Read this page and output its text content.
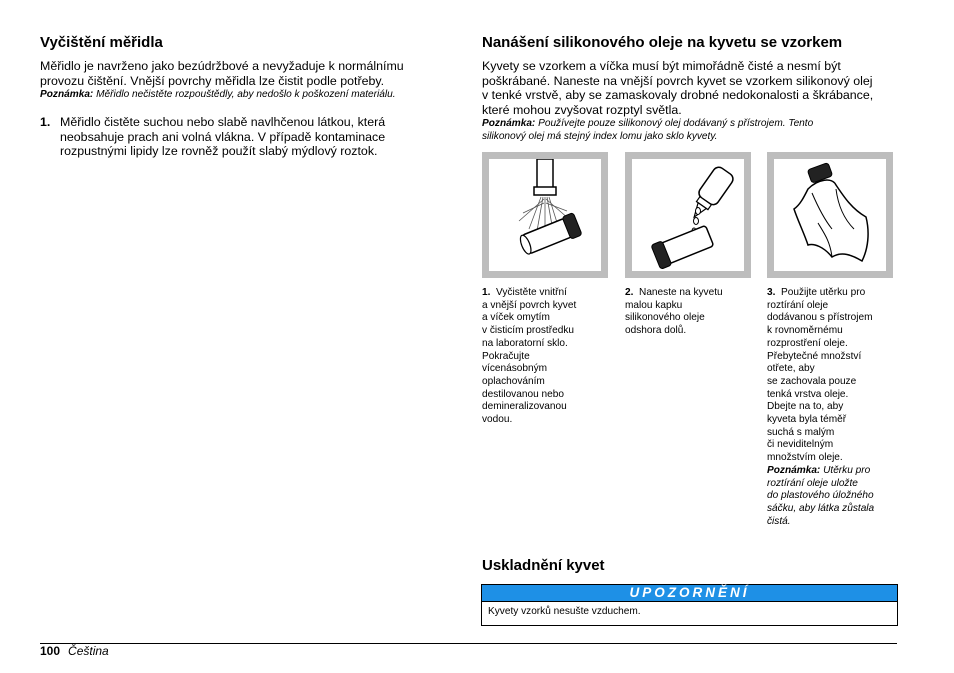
Vyčištění měřidla
Měřidlo je navrženo jako bezúdržbové a nevyžaduje k normálnímu
provozu čištění. Vnější povrchy měřidla lze čistit podle potřeby.
Poznámka: Měřidlo nečistěte rozpouštědly, aby nedošlo k poškození materiálu.
1. Měřidlo čistěte suchou nebo slabě navlhčenou látkou, která
neobsahuje prach ani volná vlákna. V případě kontaminace
rozpustnými lipidy lze rovněž použít slabý mýdlový roztok.
Nanášení silikonového oleje na kyvetu se vzorkem
Kyvety se vzorkem a víčka musí být mimořádně čisté a nesmí být
poškrábané. Naneste na vnější povrch kyvet se vzorkem silikonový olej
v tenké vrstvě, aby se zamaskovaly drobné nedokonalosti a škrábance,
které mohou zvyšovat rozptyl světla.
Poznámka: Používejte pouze silikonový olej dodávaný s přístrojem. Tento
silikonový olej má stejný index lomu jako sklo kyvety.
1. Vyčistěte vnitřní
a vnější povrch kyvet
a víček omytím
v čisticím prostředku
na laboratorní sklo.
Pokračujte
vícenásobným
oplachováním
destilovanou nebo
demineralizovanou
vodou.
2. Naneste na kyvetu
malou kapku
silikonového oleje
odshora dolů.
3. Použijte utěrku pro
roztírání oleje
dodávanou s přístrojem
k rovnoměrnému
rozprostření oleje.
Přebytečné množství
otřete, aby
se zachovala pouze
tenká vrstva oleje.
Dbejte na to, aby
kyveta byla téměř
suchá s malým
či neviditelným
množstvím oleje.
Poznámka: Utěrku pro
roztírání oleje uložte
do plastového úložného
sáčku, aby látka zůstala
čistá.
Uskladnění kyvet
UPOZORNĚNÍ
Kyvety vzorků nesušte vzduchem.
100 Čeština
